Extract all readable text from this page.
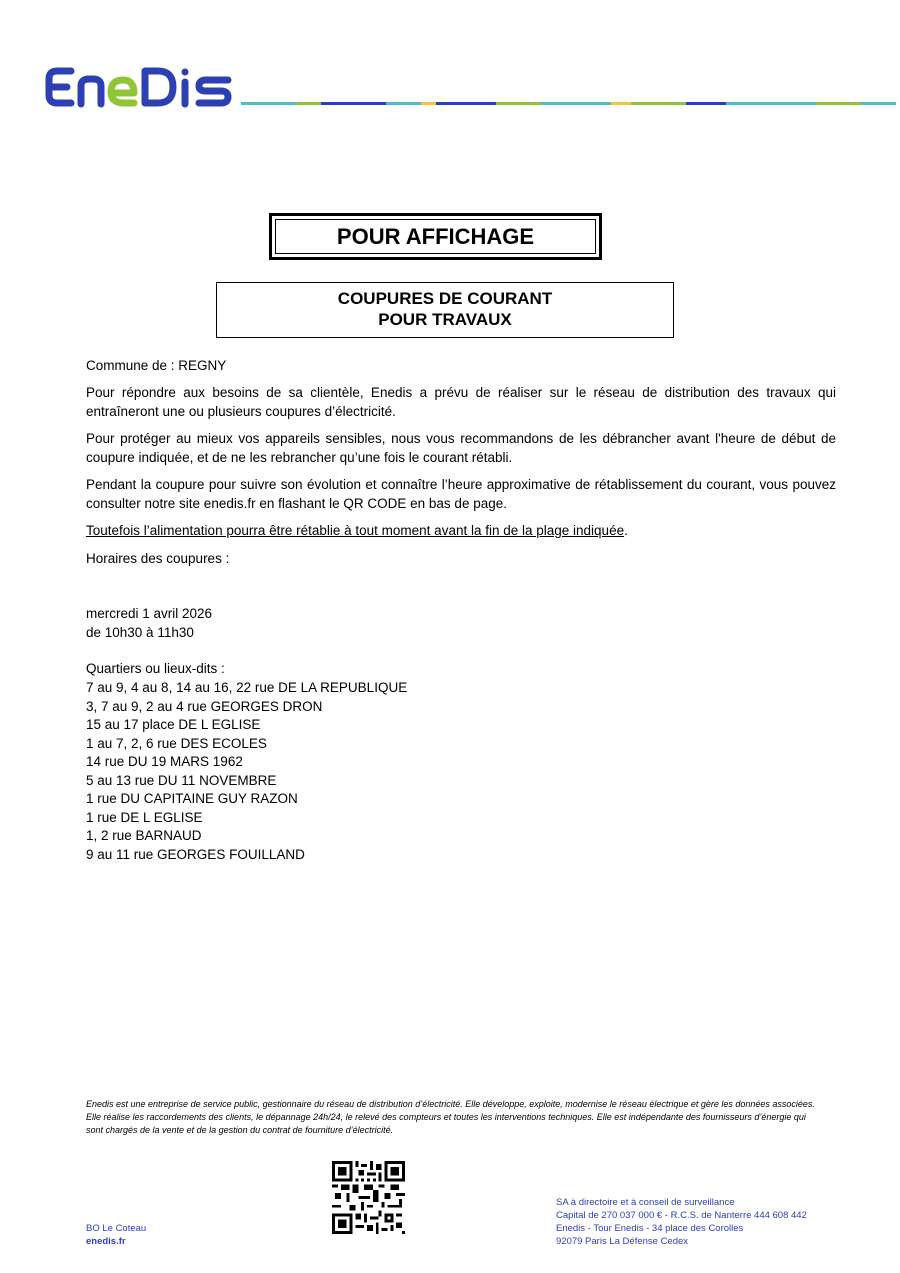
POUR AFFICHAGE
COUPURES DE COURANT
POUR TRAVAUX
Commune de : REGNY
Pour répondre aux besoins de sa clientèle, Enedis a prévu de réaliser sur le réseau de distribution des travaux qui entraîneront une ou plusieurs coupures d’électricité.
Pour protéger au mieux vos appareils sensibles, nous vous recommandons de les débrancher avant l'heure de début de coupure indiquée, et de ne les rebrancher qu’une fois le courant rétabli.
Pendant la coupure pour suivre son évolution et connaître l’heure approximative de rétablissement du courant, vous pouvez consulter notre site enedis.fr en flashant le QR CODE en bas de page.
Toutefois l’alimentation pourra être rétablie à tout moment avant la fin de la plage indiquée.
Horaires des coupures :
mercredi 1 avril 2026
de 10h30 à 11h30
Quartiers ou lieux-dits :
7 au 9, 4 au 8, 14 au 16, 22 rue DE LA REPUBLIQUE
3, 7 au 9, 2 au 4 rue GEORGES DRON
15 au 17 place DE L EGLISE
1 au 7, 2, 6 rue DES ECOLES
14 rue DU 19 MARS 1962
5 au 13 rue DU 11 NOVEMBRE
1 rue DU CAPITAINE GUY RAZON
1 rue DE L EGLISE
1, 2 rue BARNAUD
9 au 11 rue GEORGES FOUILLAND
Enedis est une entreprise de service public, gestionnaire du réseau de distribution d’électricité. Elle développe, exploite, modernise le réseau électrique et gère les données associées. Elle réalise les raccordements des clients, le dépannage 24h/24, le relevé des compteurs et toutes les interventions techniques. Elle est indépendante des fournisseurs d’énergie qui sont chargés de la vente et de la gestion du contrat de fourniture d’électricité.
BO Le Coteau
enedis.fr
SA à directoire et à conseil de surveillance
Capital de 270 037 000 € - R.C.S. de Nanterre 444 608 442
Enedis - Tour Enedis - 34 place des Corolles
92079 Paris La Défense Cedex
